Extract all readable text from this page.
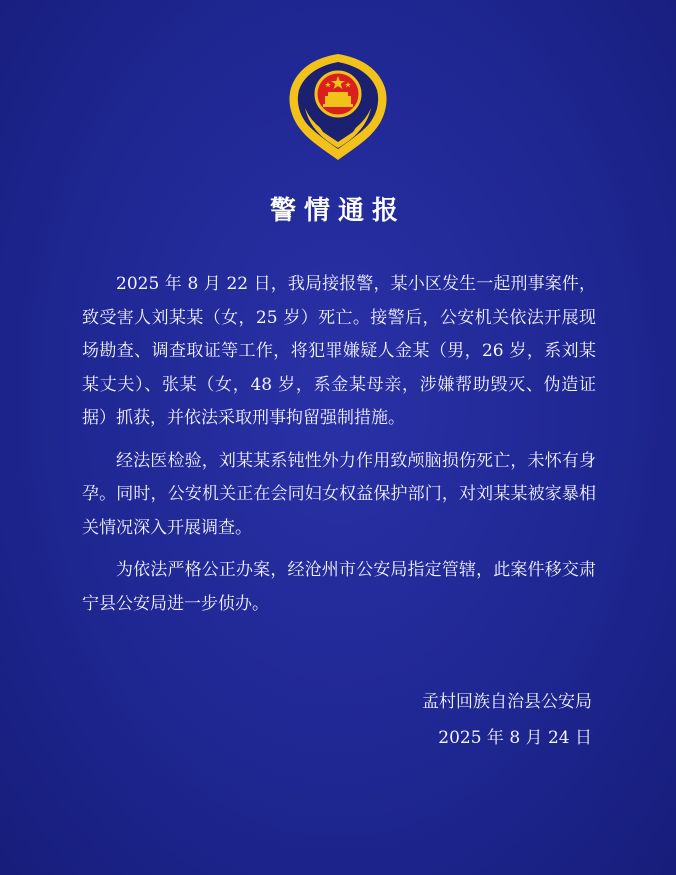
警情通报

2025 年 8 月 22 日，我局接报警，某小区发生一起刑事案件，致受害人刘某某（女，25 岁）死亡。接警后，公安机关依法开展现场勘查、调查取证等工作，将犯罪嫌疑人金某（男，26 岁，系刘某某丈夫）、张某（女，48 岁，系金某母亲，涉嫌帮助毁灭、伪造证据）抓获，并依法采取刑事拘留强制措施。

经法医检验，刘某某系钝性外力作用致颅脑损伤死亡，未怀有身孕。同时，公安机关正在会同妇女权益保护部门，对刘某某被家暴相关情况深入开展调查。

为依法严格公正办案，经沧州市公安局指定管辖，此案件移交肃宁县公安局进一步侦办。

孟村回族自治县公安局
2025 年 8 月 24 日
